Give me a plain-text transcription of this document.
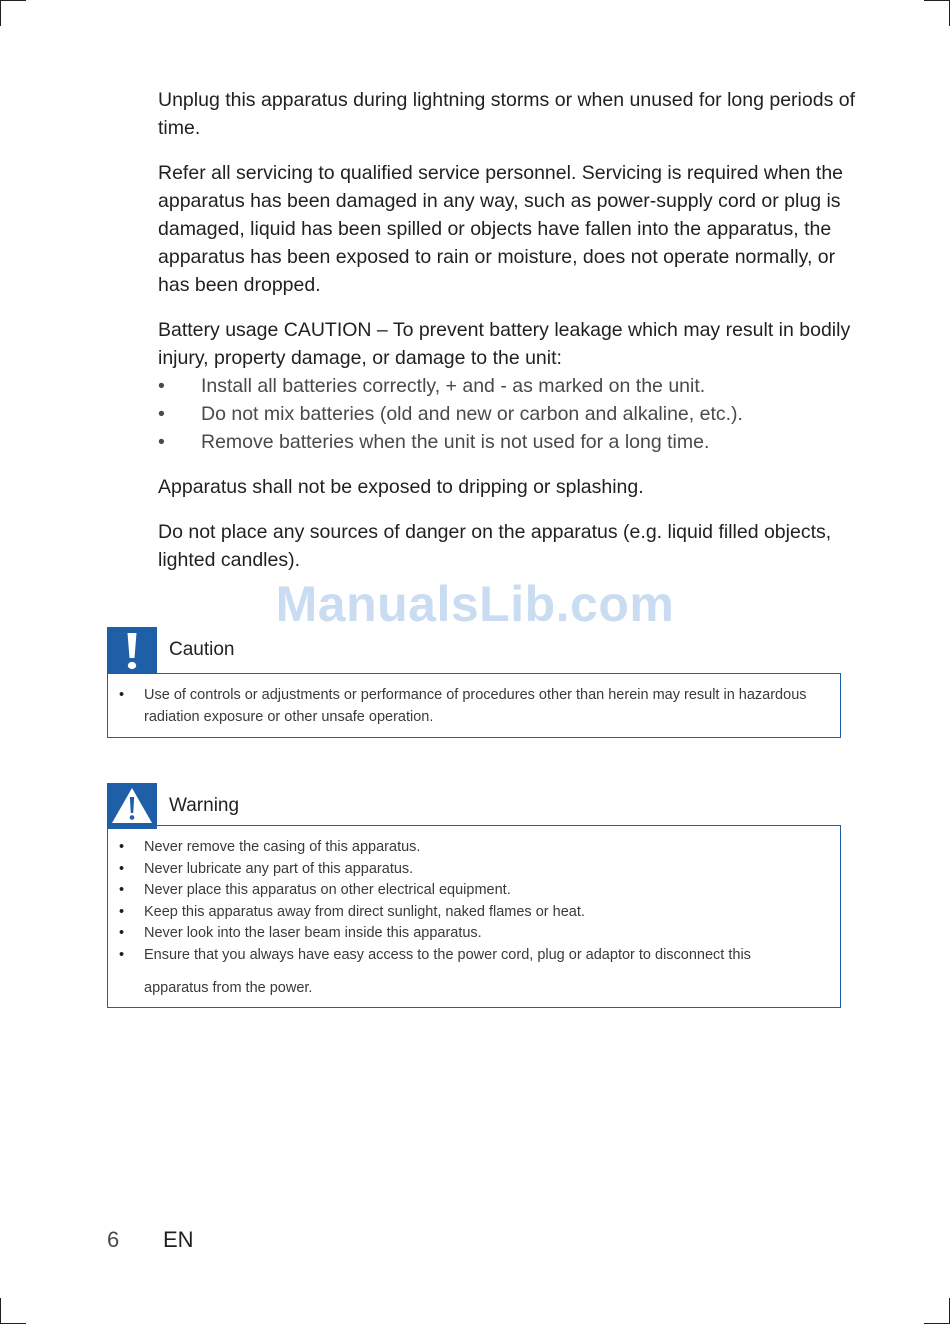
Unplug this apparatus during lightning storms or when unused for long periods of time.

Refer all servicing to qualified service personnel. Servicing is required when the apparatus has been damaged in any way, such as power-supply cord or plug is damaged, liquid has been spilled or objects have fallen into the apparatus, the apparatus has been exposed to rain or moisture, does not operate normally, or has been dropped.

Battery usage CAUTION – To prevent battery leakage which may result in bodily injury, property damage, or damage to the unit:

• Install all batteries correctly, + and - as marked on the unit.
• Do not mix batteries (old and new or carbon and alkaline, etc.).
• Remove batteries when the unit is not used for a long time.

Apparatus shall not be exposed to dripping or splashing.

Do not place any sources of danger on the apparatus (e.g. liquid filled objects, lighted candles).

ManualsLib.com
Caution
• Use of controls or adjustments or performance of procedures other than herein may result in hazardous radiation exposure or other unsafe operation.
Warning
• Never remove the casing of this apparatus.
• Never lubricate any part of this apparatus.
• Never place this apparatus on other electrical equipment.
• Keep this apparatus away from direct sunlight, naked flames or heat.
• Never look into the laser beam inside this apparatus.
• Ensure that you always have easy access to the power cord, plug or adaptor to disconnect this
apparatus from the power.
6 EN
